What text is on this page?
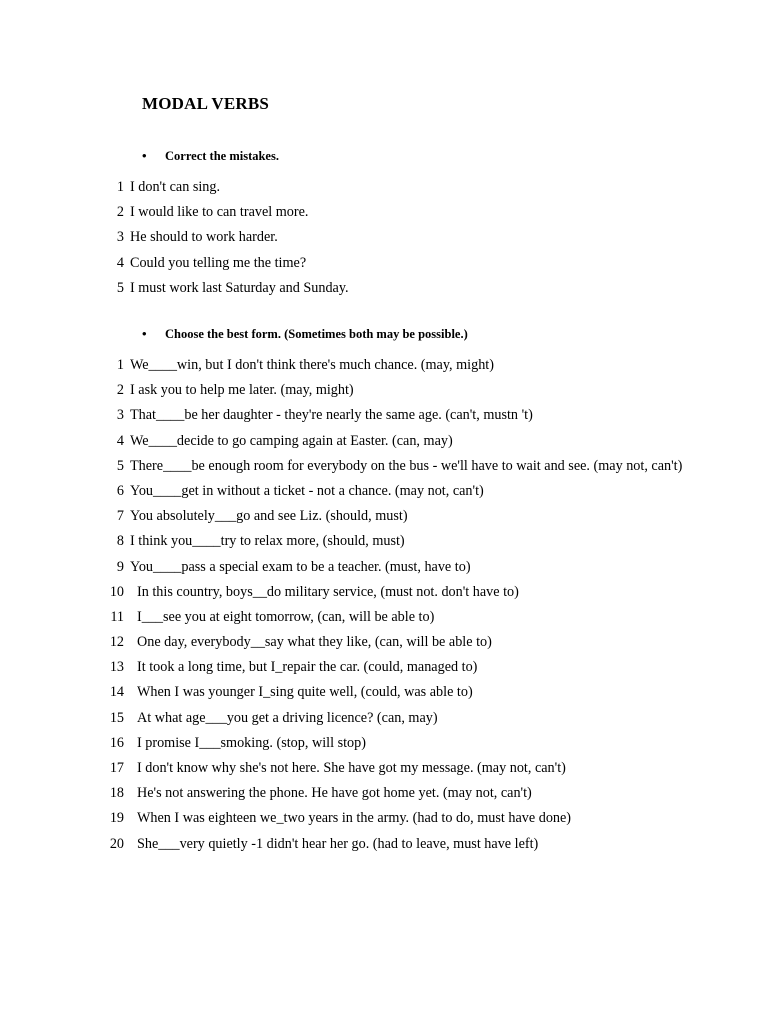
MODAL VERBS
•	Correct the mistakes.
1 I don't can sing.
2 I would like to can travel more.
3 He should to work harder.
4 Could you telling me the time?
5 I must work last Saturday and Sunday.
•	Choose the best form. (Sometimes both may be possible.)
1 We____win, but I don't think there's much chance. (may, might)
2 I ask you to help me later. (may, might)
3 That____be her daughter - they're nearly the same age. (can't, mustn 't)
4 We____decide to go camping again at Easter. (can, may)
5 There____be enough room for everybody on the bus - we'll have to wait and see. (may not, can't)
6 You____get in without a ticket - not a chance. (may not, can't)
7 You absolutely___go and see Liz. (should, must)
8 I think you____try to relax more, (should, must)
9 You____pass a special exam to be a teacher. (must, have to)
10 In this country, boys__do military service, (must not. don't have to)
11 I___see you at eight tomorrow, (can, will be able to)
12 One day, everybody__say what they like, (can, will be able to)
13 It took a long time, but I_repair the car. (could, managed to)
14 When I was younger I_sing quite well, (could, was able to)
15 At what age___you get a driving licence? (can, may)
16 I promise I___smoking. (stop, will stop)
17 I don't know why she's not here. She have got my message. (may not, can't)
18 He's not answering the phone. He have got home yet. (may not, can't)
19 When I was eighteen we_two years in the army. (had to do, must have done)
20 She___very quietly -1 didn't hear her go. (had to leave, must have left)
